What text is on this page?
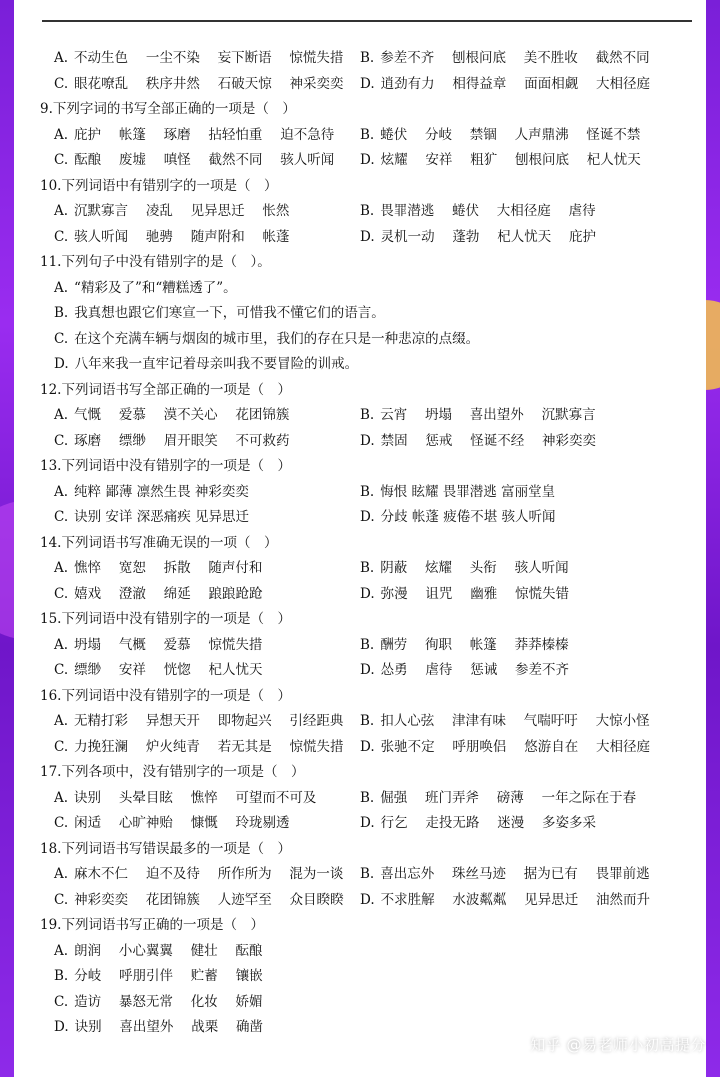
A. 不动生色　 一尘不染　 妄下断语　 惊慌失措 B. 参差不齐　 刨根问底　 美不胜收　 截然不同
C. 眼花嘹乱　 秩序井然　 石破天惊　 神采奕奕 D. 逍劲有力　 相得益章　 面面相觑　 大相径庭
9.下列字词的书写全部正确的一项是（　）
A. 庇护　 帐篷　 琢磨　 拈轻怕重　 迫不急待 B. 蜷伏　 分岐　 禁锢　 人声鼎沸　 怪诞不禁
C. 酝酿　 废墟　 嗔怪　 截然不同　 骇人听闻 D. 炫耀　 安祥　 粗犷　 刨根问底　 杞人忧天
10.下列词语中有错别字的一项是（　）
A. 沉默寡言　 凌乱　 见异思迁　 怅然	B. 畏罪潜逃　 蜷伏　 大相径庭　 虐待
C. 骇人听闻　 驰骋　 随声附和　 帐蓬	D. 灵机一动　 蓬勃　 杞人忧天　 庇护
11.下列句子中没有错别字的是（　）。
A. “精彩及了”和“糟糕透了”。
B. 我真想也跟它们寒宣一下，可惜我不懂它们的语言。
C. 在这个充满车辆与烟囱的城市里，我们的存在只是一种悲凉的点缀。
D. 八年来我一直牢记着母亲叫我不要冒险的训戒。
12.下列词语书写全部正确的一项是（　）
A. 气慨　 爱慕　 漠不关心　 花团锦簇	B. 云宵　 坍塌　 喜出望外　 沉默寡言
C. 琢磨　 缥缈　 眉开眼笑　 不可救药	D. 禁固　 惩戒　 怪诞不经　 神彩奕奕
13.下列词语中没有错别字的一项是（　）
A. 纯粹 鄙薄 凛然生畏 神彩奕奕	B. 悔恨 眩耀 畏罪潜逃 富丽堂皇
C. 诀别 安详 深恶痛疾 见异思迁	D. 分歧 帐蓬 疲倦不堪 骇人听闻
14.下列词语书写准确无误的一项（　）
A. 憔悴　 宽恕　 拆散　 随声付和	B. 阴蔽　 炫耀　 头衔　 骇人听闻
C. 嬉戏　 澄澈　 绵延　 踉踉跄跄	D. 弥漫　 诅咒　 幽雅　 惊慌失错
15.下列词语中没有错别字的一项是（　）
A. 坍塌　 气概　 爱慕　 惊慌失措	B. 酬劳　 徇职　 帐篷　 莽莽榛榛
C. 缥缈　 安祥　 恍惚　 杞人忧天	D. 怂勇　 虐待　 惩诫　 参差不齐
16.下列词语中没有错别字的一项是（　）
A. 无精打彩　 异想天开　 即物起兴　 引经距典 B. 扣人心弦　 津津有味　 气喘吁吁　 大惊小怪
C. 力挽狂澜　 炉火纯青　 若无其是　 惊慌失措 D. 张驰不定　 呼朋唤侣　 悠游自在　 大相径庭
17.下列各项中，没有错别字的一项是（　）
A. 诀别　 头晕目眩　 憔悴　 可望而不可及	B. 倔强　 班门弄斧　 磅薄　 一年之际在于春
C. 闲适　 心旷神贻　 慷慨　 玲珑剔透	D. 行乞　 走投无路　 迷漫　 多姿多采
18.下列词语书写错误最多的一项是（　）
A. 麻木不仁　 迫不及待　 所作所为　 混为一谈 B. 喜出忘外　 珠丝马迹　 据为已有　 畏罪前逃
C. 神彩奕奕　 花团锦簇　 人迹罕至　 众目睽睽 D. 不求胜解　 水波粼粼　 见异思迁　 油然而升
19.下列词语书写正确的一项是（　）
A. 朗润　 小心翼翼　 健壮　 酝酿
B. 分岐　 呼朋引伴　 贮蓄　 镶嵌
C. 造访　 暴怒无常　 化妆　 娇媚
D. 诀别　 喜出望外　 战栗　 确凿
知乎 @易老师小初高提分
